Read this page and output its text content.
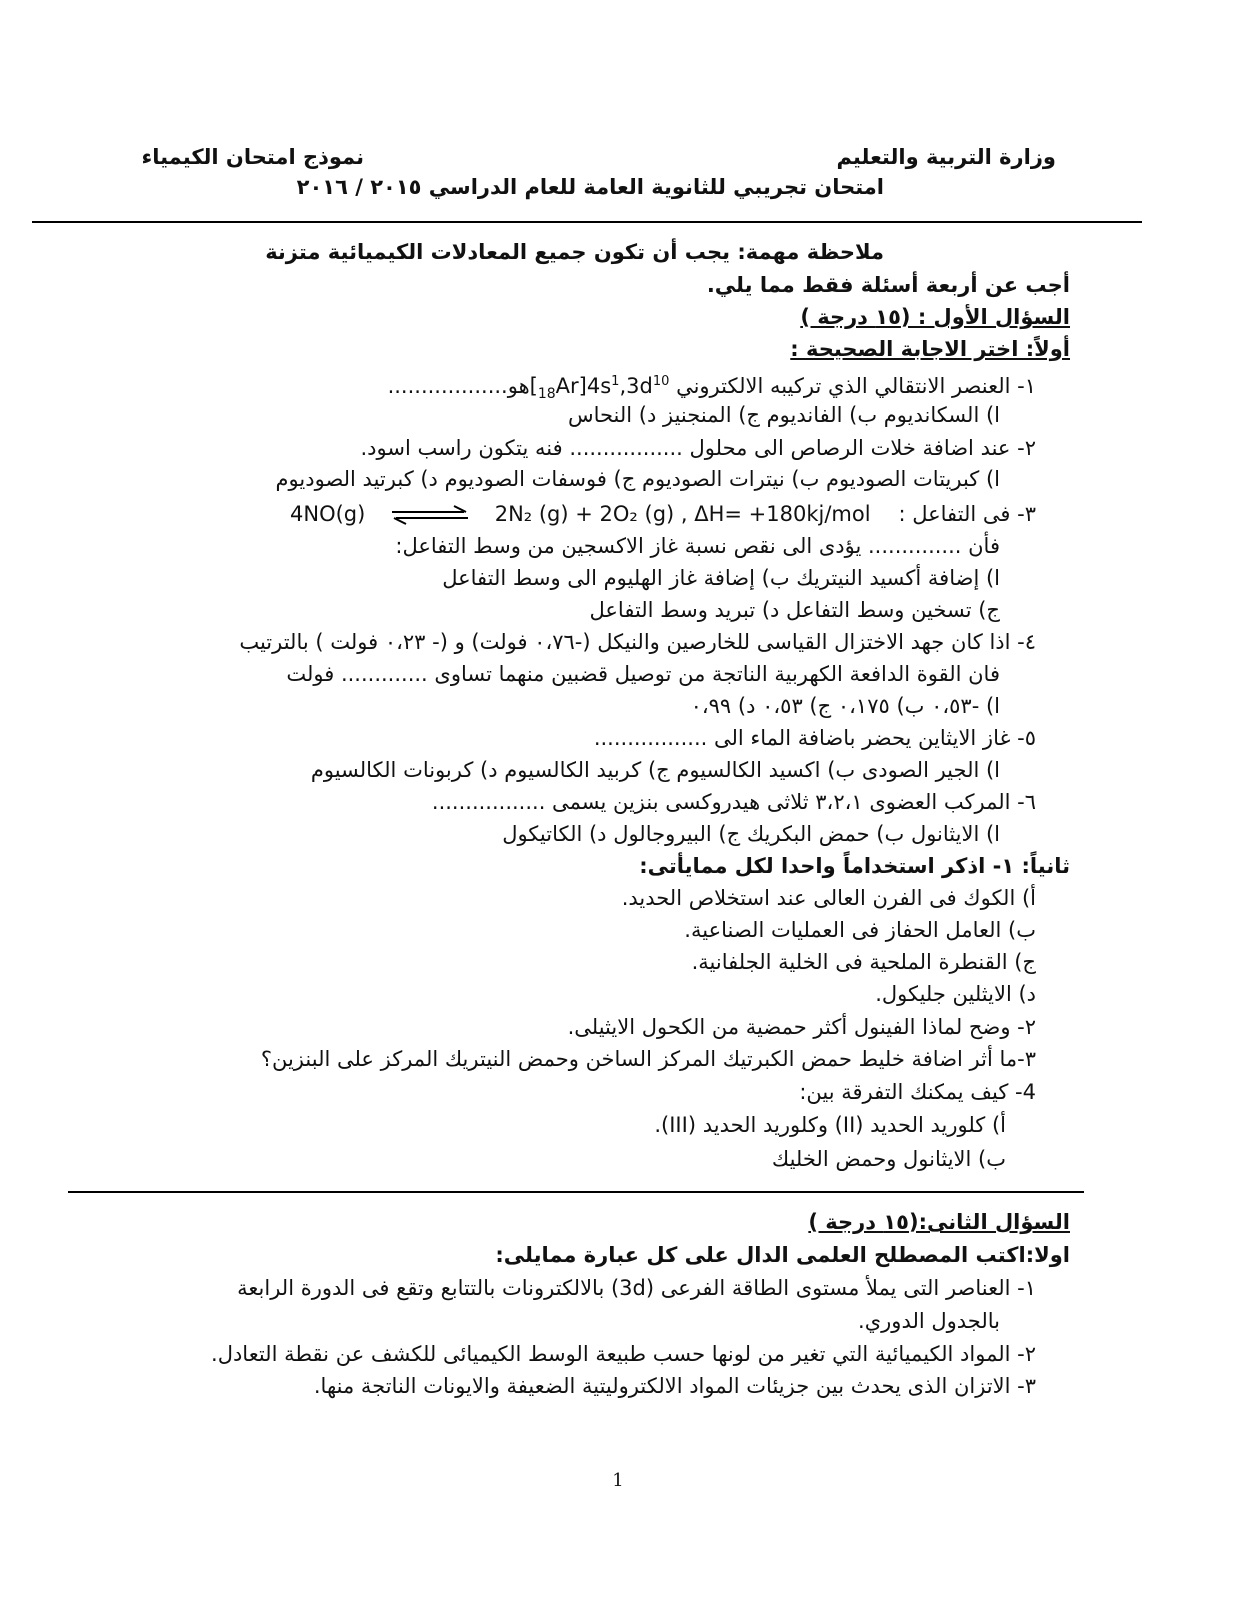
وزارة التربية والتعليم
نموذج امتحان الكيمياء
امتحان تجريبي للثانوية العامة للعام الدراسي ٢٠١٥ / ٢٠١٦
ملاحظة مهمة: يجب أن تكون جميع المعادلات الكيميائية متزنة
أجب عن أربعة أسئلة فقط مما يلي.
السؤال الأول : (١٥ درجة )
أولاً: اختر الاجابة الصحيحة :
١- العنصر الانتقالي الذي تركيبه الالكتروني $[_{18}Ar]4s^1,3d^{10}هو$..................
ا) السكانديوم ب) الفانديوم ج) المنجنيز د) النحاس
٢- عند اضافة خلات الرصاص الى محلول ................. فنه يتكون راسب اسود.
ا) كبريتات الصوديوم ب) نيترات الصوديوم ج) فوسفات الصوديوم د) كبرتيد الصوديوم
٣- فى التفاعل :
4NO(g) ⇌ 2N₂ (g) + 2O₂ (g) , ΔH= +180kj/mol
فأن .............. يؤدى الى نقص نسبة غاز الاكسجين من وسط التفاعل:
ا) إضافة أكسيد النيتريك ب) إضافة غاز الهليوم الى وسط التفاعل
ج) تسخين وسط التفاعل د) تبريد وسط التفاعل
٤- اذا كان جهد الاختزال القياسى للخارصين والنيكل (-٠،٧٦ فولت) و (- ٠،٢٣ فولت ) بالترتيب
فان القوة الدافعة الكهربية الناتجة من توصيل قضبين منهما تساوى ............. فولت
ا) -٠،٥٣ ب) ٠،١٧٥ ج) ٠،٥٣ د) ٠،٩٩
٥- غاز الايثاين يحضر باضافة الماء الى .................
ا) الجير الصودى ب) اكسيد الكالسيوم ج) كربيد الكالسيوم د) كربونات الكالسيوم
٦- المركب العضوى ٣،٢،١ ثلاثى هيدروكسى بنزين يسمى .................
ا) الايثانول ب) حمض البكريك ج) البيروجالول د) الكاتيكول
ثانياً: ١- اذكر استخداماً واحدا لكل ممايأتى:
أ) الكوك فى الفرن العالى عند استخلاص الحديد.
ب) العامل الحفاز فى العمليات الصناعية.
ج) القنطرة الملحية فى الخلية الجلفانية.
د) الايثلين جليكول.
٢- وضح لماذا الفينول أكثر حمضية من الكحول الايثيلى.
٣-ما أثر اضافة خليط حمض الكبرتيك المركز الساخن وحمض النيتريك المركز على البنزين؟
4- كيف يمكنك التفرقة بين:
أ) كلوريد الحديد (II) وكلوريد الحديد (III).
ب) الايثانول وحمض الخليك
السؤال الثانى:(١٥ درجة )
اولا:اكتب المصطلح العلمى الدال على كل عبارة ممايلى:
١- العناصر التى يملأ مستوى الطاقة الفرعى (3d) بالالكترونات بالتتابع وتقع فى الدورة الرابعة
بالجدول الدوري.
٢- المواد الكيميائية التي تغير من لونها حسب طبيعة الوسط الكيميائى للكشف عن نقطة التعادل.
٣- الاتزان الذى يحدث بين جزيئات المواد الالكتروليتية الضعيفة والايونات الناتجة منها.
1
